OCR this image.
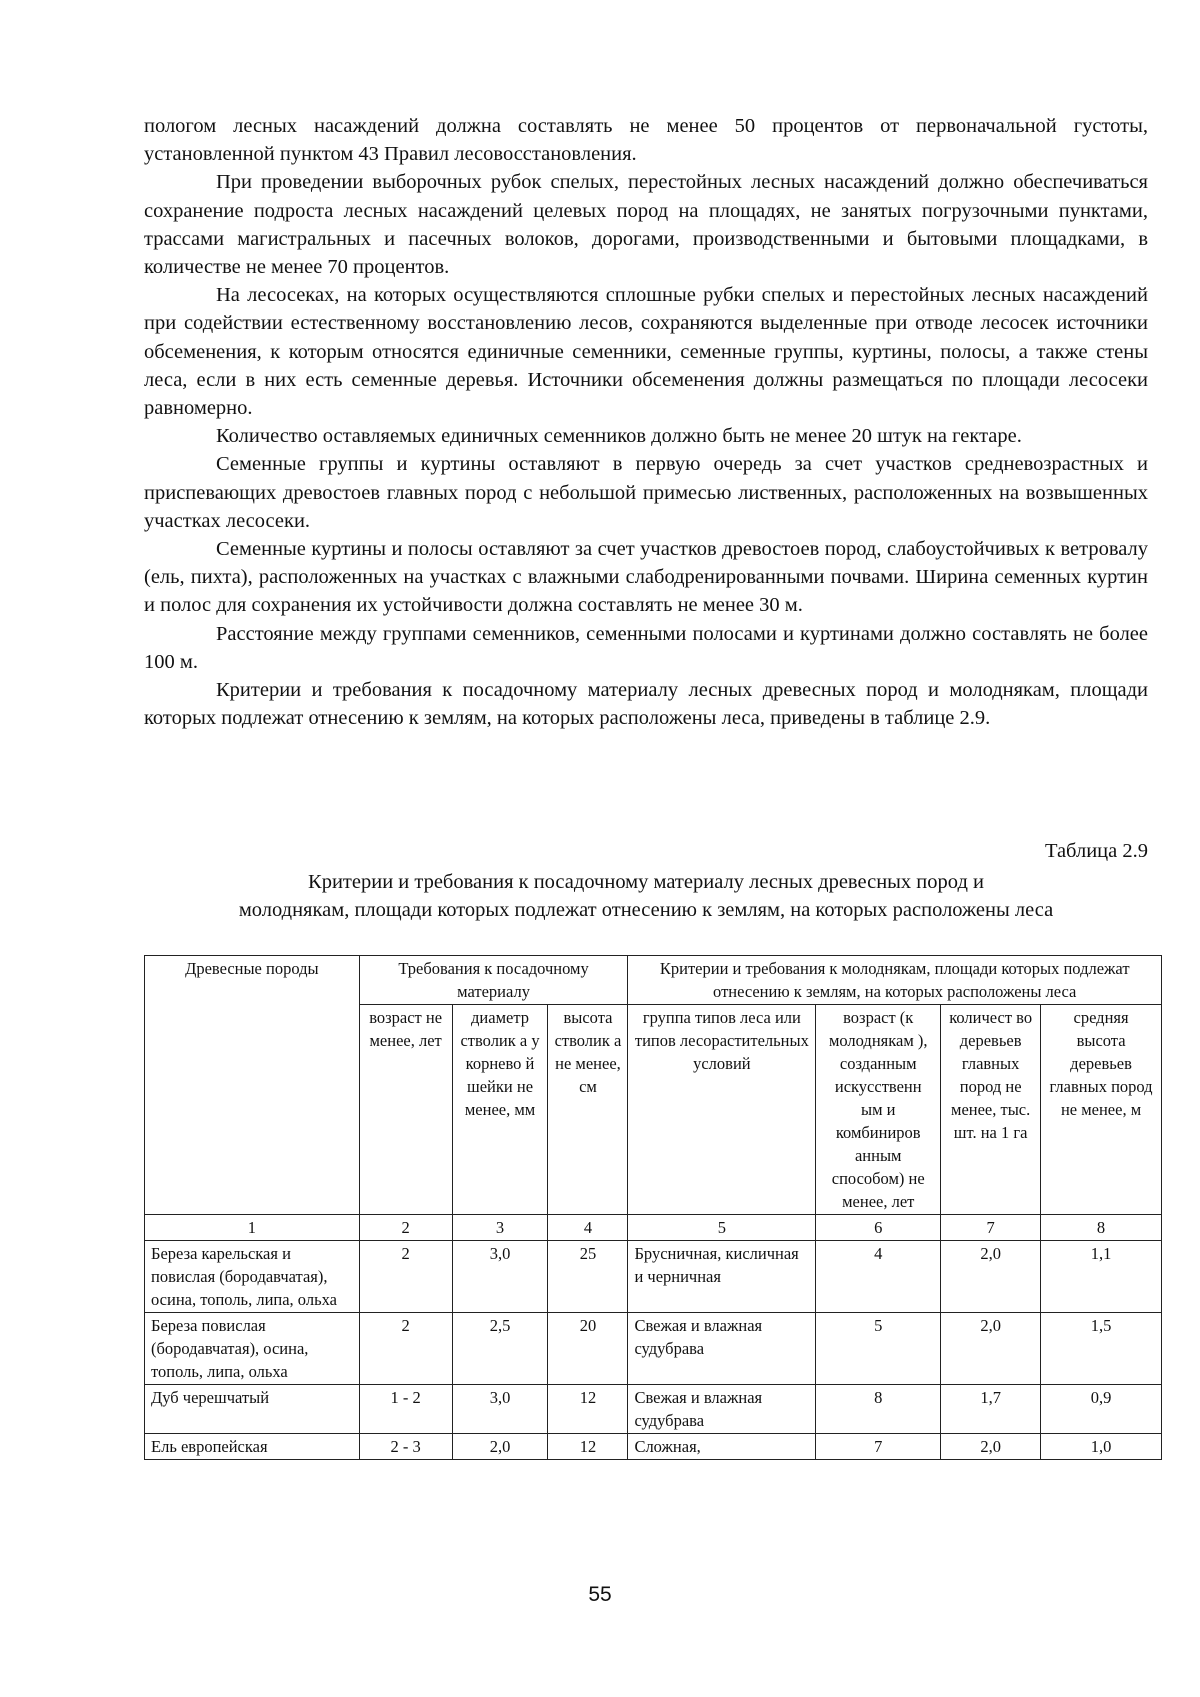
пологом лесных насаждений должна составлять не менее 50 процентов от первоначальной густоты, установленной пунктом 43 Правил лесовосстановления.

При проведении выборочных рубок спелых, перестойных лесных насаждений должно обеспечиваться сохранение подроста лесных насаждений целевых пород на площадях, не занятых погрузочными пунктами, трассами магистральных и пасечных волоков, дорогами, производственными и бытовыми площадками, в количестве не менее 70 процентов.

На лесосеках, на которых осуществляются сплошные рубки спелых и перестойных лесных насаждений при содействии естественному восстановлению лесов, сохраняются выделенные при отводе лесосек источники обсеменения, к которым относятся единичные семенники, семенные группы, куртины, полосы, а также стены леса, если в них есть семенные деревья. Источники обсеменения должны размещаться по площади лесосеки равномерно.

Количество оставляемых единичных семенников должно быть не менее 20 штук на гектаре.

Семенные группы и куртины оставляют в первую очередь за счет участков средневозрастных и приспевающих древостоев главных пород с небольшой примесью лиственных, расположенных на возвышенных участках лесосеки.

Семенные куртины и полосы оставляют за счет участков древостоев пород, слабоустойчивых к ветровалу (ель, пихта), расположенных на участках с влажными слабодренированными почвами. Ширина семенных куртин и полос для сохранения их устойчивости должна составлять не менее 30 м.

Расстояние между группами семенников, семенными полосами и куртинами должно составлять не более 100 м.

Критерии и требования к посадочному материалу лесных древесных пород и молоднякам, площади которых подлежат отнесению к землям, на которых расположены леса, приведены в таблице 2.9.

Таблица 2.9
Критерии и требования к посадочному материалу лесных древесных пород и
молоднякам, площади которых подлежат отнесению к землям, на которых расположены леса
Древесные породы	Требования к посадочному материалу			Критерии и требования к молоднякам, площади которых подлежат отнесению к землям, на которых расположены леса			
	возраст не менее, лет	диаметр стволик а у корнево й шейки не менее, мм	высота стволик а не менее, см	группа типов леса или типов лесорастительных условий	возраст (к молоднякам ), созданным искусственн ым и комбиниров анным способом) не менее, лет	количест во деревьев главных пород не менее, тыс. шт. на 1 га	средняя высота деревьев главных пород не менее, м
1	2	3	4	5	6	7	8
Береза карельская и повислая (бородавчатая), осина, тополь, липа, ольха	2	3,0	25	Брусничная, кисличная и черничная	4	2,0	1,1
Береза повислая (бородавчатая), осина, тополь, липа, ольха	2	2,5	20	Свежая и влажная судубрава	5	2,0	1,5
Дуб черешчатый	1 - 2	3,0	12	Свежая и влажная судубрава	8	1,7	0,9
Ель европейская	2 - 3	2,0	12	Сложная,	7	2,0	1,0
55
